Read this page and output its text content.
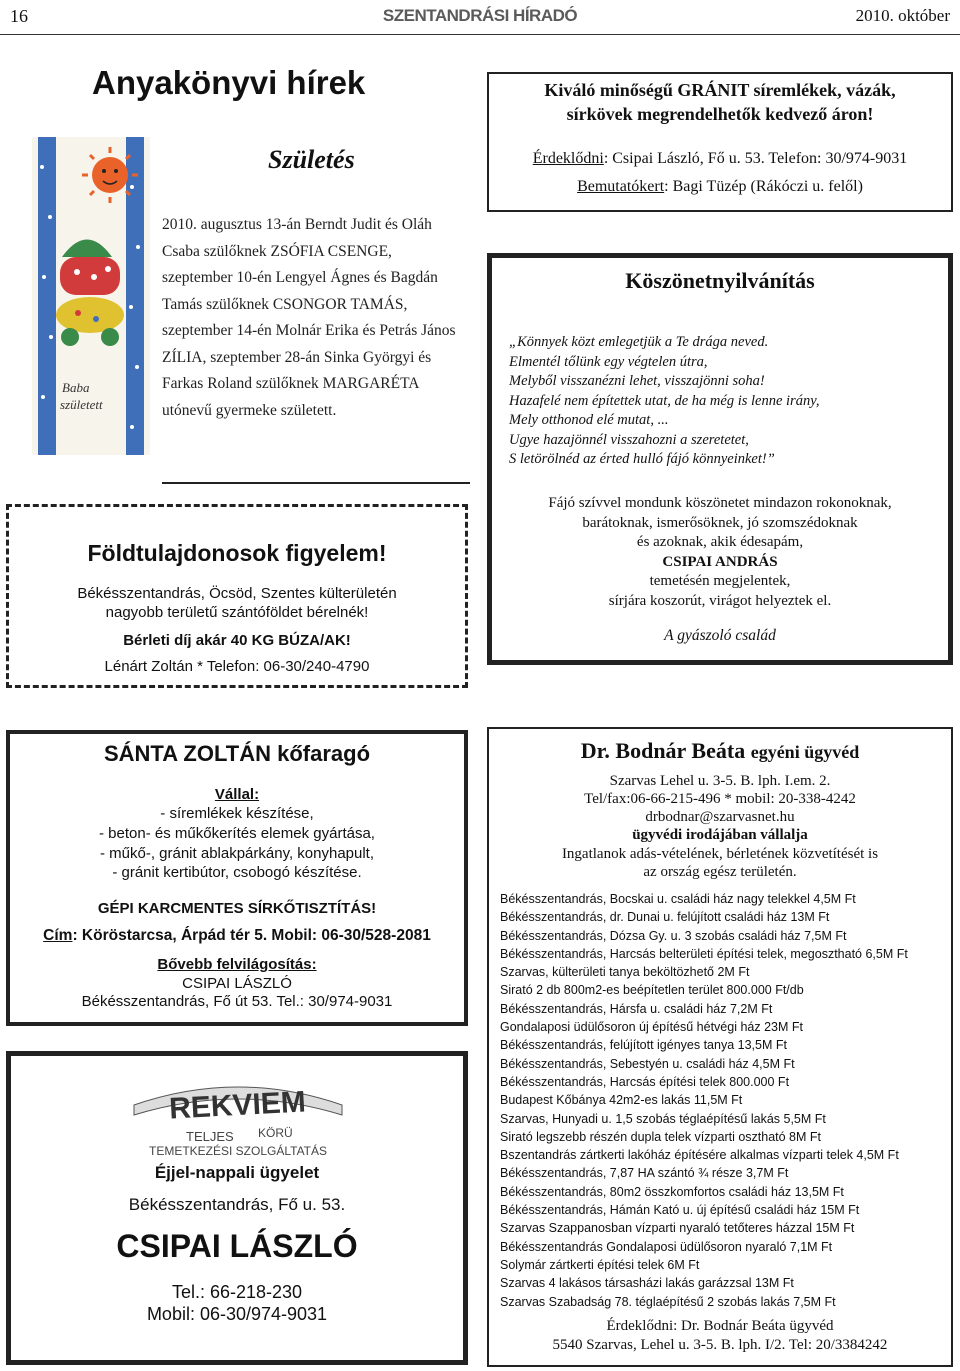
16	SZENTANDRÁSI HÍRADÓ	2010. október
Anyakönyvi hírek
Születés
2010. augusztus 13-án Berndt Judit és Oláh Csaba szülőknek ZSÓFIA CSENGE, szeptember 10-én Lengyel Ágnes és Bagdán Tamás szülőknek CSONGOR TAMÁS, szeptember 14-én Molnár Erika és Petrás János ZÍLIA, szeptember 28-án Sinka Györgyi és Farkas Roland szülőknek MARGARÉTA utónevű gyermeke született.
Baba
született
Földtulajdonosok figyelem!
Békésszentandrás, Öcsöd, Szentes külterületén
nagyobb területű szántóföldet bérelnék!
Bérleti díj akár 40 KG BÚZA/AK!
Lénárt Zoltán * Telefon: 06-30/240-4790
Kiváló minőségű GRÁNIT síremlékek, vázák,
sírkövek megrendelhetők kedvező áron!
Érdeklődni: Csipai László, Fő u. 53. Telefon: 30/974-9031
Bemutatókert: Bagi Tüzép (Rákóczi u. felől)
Köszönetnyilvánítás
„Könnyek közt emlegetjük a Te drága neved.
Elmentél tőlünk egy végtelen útra,
Melyből visszanézni lehet, visszajönni soha!
Hazafelé nem építettek utat, de ha még is lenne irány,
Mely otthonod elé mutat, ...
Ugye hazajönnél visszahozni a szeretetet,
S letörölnéd az érted hulló fájó könnyeinket!”
Fájó szívvel mondunk köszönetet mindazon rokonoknak,
barátoknak, ismerősöknek, jó szomszédoknak
és azoknak, akik édesapám,
CSIPAI ANDRÁS
temetésén megjelentek,
sírjára koszorút, virágot helyeztek el.
A gyászoló család
SÁNTA ZOLTÁN kőfaragó
Vállal:
- síremlékek készítése,
- beton- és műkőkerítés elemek gyártása,
- műkő-, gránit ablakpárkány, konyhapult,
- gránit kertibútor, csobogó készítése.
GÉPI KARCMENTES SÍRKŐTISZTÍTÁS!
Cím: Köröstarcsa, Árpád tér 5. Mobil: 06-30/528-2081
Bővebb felvilágosítás:
CSIPAI LÁSZLÓ
Békésszentandrás, Fő út 53. Tel.: 30/974-9031
REKVIEM
TELJES KÖRÜ
TEMETKEZÉSI SZOLGÁLTATÁS
Éjjel-nappali ügyelet
Békésszentandrás, Fő u. 53.
CSIPAI LÁSZLÓ
Tel.: 66-218-230
Mobil: 06-30/974-9031
Dr. Bodnár Beáta egyéni ügyvéd
Szarvas Lehel u. 3-5. B. lph. I.em. 2.
Tel/fax:06-66-215-496 * mobil: 20-338-4242
drbodnar@szarvasnet.hu
ügyvédi irodájában vállalja
Ingatlanok adás-vételének, bérletének közvetítését is
az ország egész területén.
Békésszentandrás, Bocskai u. családi ház nagy telekkel 4,5M Ft
Békésszentandrás, dr. Dunai u. felújított családi ház 13M Ft
Békésszentandrás, Dózsa Gy. u. 3 szobás családi ház 7,5M Ft
Békésszentandrás, Harcsás belterületi építési telek, megosztható 6,5M Ft
Szarvas, külterületi tanya beköltözhető 2M Ft
Sirató 2 db 800m2-es beépítetlen terület 800.000 Ft/db
Békésszentandrás, Hársfa u. családi ház 7,2M Ft
Gondalaposi üdülősoron új építésű hétvégi ház 23M Ft
Békésszentandrás, felújított igényes tanya 13,5M Ft
Békésszentandrás, Sebestyén u. családi ház 4,5M Ft
Békésszentandrás, Harcsás építési telek 800.000 Ft
Budapest Kőbánya 42m2-es lakás 11,5M Ft
Szarvas, Hunyadi u. 1,5 szobás téglaépítésű lakás 5,5M Ft
Sirató legszebb részén dupla telek vízparti osztható 8M Ft
Bszentandrás zártkerti lakóház építésére alkalmas vízparti telek 4,5M Ft
Békésszentandrás, 7,87 HA szántó ¾ része 3,7M Ft
Békésszentandrás, 80m2 összkomfortos családi ház 13,5M Ft
Békésszentandrás, Hámán Kató u. új építésű családi ház 15M Ft
Szarvas Szappanosban vízparti nyaraló tetőteres házzal 15M Ft
Békésszentandrás Gondalaposi üdülősoron nyaraló 7,1M Ft
Solymár zártkerti építési telek 6M Ft
Szarvas 4 lakásos társasházi lakás garázzsal 13M Ft
Szarvas Szabadság 78. téglaépítésű 2 szobás lakás 7,5M Ft
Érdeklődni: Dr. Bodnár Beáta ügyvéd
5540 Szarvas, Lehel u. 3-5. B. lph. I/2. Tel: 20/3384242
